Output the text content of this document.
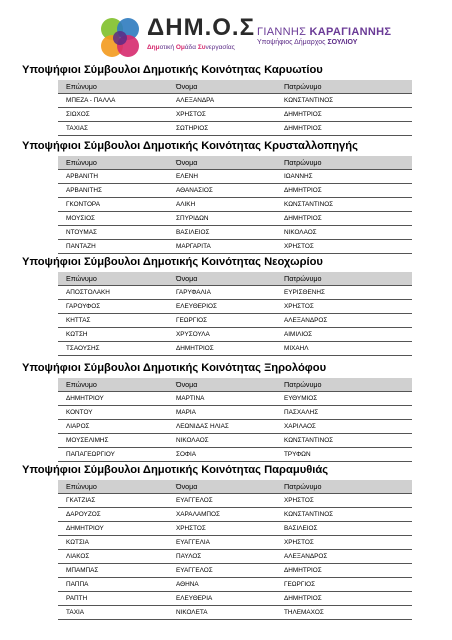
ΔΗΜ.Ο.Σ
Δημοτική Ομάδα Συνεργασίας
ΓΙΑΝΝΗΣ ΚΑΡΑΓΙΑΝΝΗΣ
Υποψήφιος Δήμαρχος ΣΟΥΛΙΟΥ
Υποψήφιοι Σύμβουλοι Δημοτικής Κοινότητας Καρυωτίου
Επώνυμο	Όνομα	Πατρώνυμο
ΜΠΕΖΑ - ΠΑΛΛΑ	ΑΛΕΞΑΝΔΡΑ	ΚΩΝΣΤΑΝΤΙΝΟΣ
ΣΙΩΧΟΣ	ΧΡΗΣΤΟΣ	ΔΗΜΗΤΡΙΟΣ
ΤΑΧΙΑΣ	ΣΩΤΗΡΙΟΣ	ΔΗΜΗΤΡΙΟΣ
Υποψήφιοι Σύμβουλοι Δημοτικής Κοινότητας Κρυσταλλοπηγής
Επώνυμο	Όνομα	Πατρώνυμο
ΑΡΒΑΝΙΤΗ	ΕΛΕΝΗ	ΙΩΑΝΝΗΣ
ΑΡΒΑΝΙΤΗΣ	ΑΘΑΝΑΣΙΟΣ	ΔΗΜΗΤΡΙΟΣ
ΓΚΟΝΤΟΡΑ	ΑΛΙΚΗ	ΚΩΝΣΤΑΝΤΙΝΟΣ
ΜΟΥΣΙΟΣ	ΣΠΥΡΙΔΩΝ	ΔΗΜΗΤΡΙΟΣ
ΝΤΟΥΜΑΣ	ΒΑΣΙΛΕΙΟΣ	ΝΙΚΟΛΑΟΣ
ΠΑΝΤΑΖΗ	ΜΑΡΓΑΡΙΤΑ	ΧΡΗΣΤΟΣ
Υποψήφιοι Σύμβουλοι Δημοτικής Κοινότητας Νεοχωρίου
Επώνυμο	Όνομα	Πατρώνυμο
ΑΠΟΣΤΟΛΑΚΗ	ΓΑΡΥΦΑΛΙΑ	ΕΥΡΙΣΘΕΝΗΣ
ΓΑΡΟΥΦΟΣ	ΕΛΕΥΘΕΡΙΟΣ	ΧΡΗΣΤΟΣ
ΚΗΤΤΑΣ	ΓΕΩΡΓΙΟΣ	ΑΛΕΞΑΝΔΡΟΣ
ΚΩΤΣΗ	ΧΡΥΣΟΥΛΑ	ΑΙΜΙΛΙΟΣ
ΤΣΑΟΥΣΗΣ	ΔΗΜΗΤΡΙΟΣ	ΜΙΧΑΗΛ
Υποψήφιοι Σύμβουλοι Δημοτικής Κοινότητας Ξηρολόφου
Επώνυμο	Όνομα	Πατρώνυμο
ΔΗΜΗΤΡΙΟΥ	ΜΑΡΤΙΝΑ	ΕΥΘΥΜΙΟΣ
ΚΟΝΤΟΥ	ΜΑΡΙΑ	ΠΑΣΧΑΛΗΣ
ΛΙΑΡΟΣ	ΛΕΩΝΙΔΑΣ ΗΛΙΑΣ	ΧΑΡΙΛΑΟΣ
ΜΟΥΣΕΛΙΜΗΣ	ΝΙΚΟΛΑΟΣ	ΚΩΝΣΤΑΝΤΙΝΟΣ
ΠΑΠΑΓΕΩΡΓΙΟΥ	ΣΟΦΙΑ	ΤΡΥΦΩΝ
Υποψήφιοι Σύμβουλοι Δημοτικής Κοινότητας Παραμυθιάς
Επώνυμο	Όνομα	Πατρώνυμο
ΓΚΑΤΖΙΑΣ	ΕΥΑΓΓΕΛΟΣ	ΧΡΗΣΤΟΣ
ΔΑΡΟΥΖΟΣ	ΧΑΡΑΛΑΜΠΟΣ	ΚΩΝΣΤΑΝΤΙΝΟΣ
ΔΗΜΗΤΡΙΟΥ	ΧΡΗΣΤΟΣ	ΒΑΣΙΛΕΙΟΣ
ΚΩΤΣΙΑ	ΕΥΑΓΓΕΛΙΑ	ΧΡΗΣΤΟΣ
ΛΙΑΚΟΣ	ΠΑΥΛΟΣ	ΑΛΕΞΑΝΔΡΟΣ
ΜΠΑΜΠΑΣ	ΕΥΑΓΓΕΛΟΣ	ΔΗΜΗΤΡΙΟΣ
ΠΑΠΠΑ	ΑΘΗΝΑ	ΓΕΩΡΓΙΟΣ
ΡΑΠΤΗ	ΕΛΕΥΘΕΡΙΑ	ΔΗΜΗΤΡΙΟΣ
ΤΑΧΙΑ	ΝΙΚΟΛΕΤΑ	ΤΗΛΕΜΑΧΟΣ
